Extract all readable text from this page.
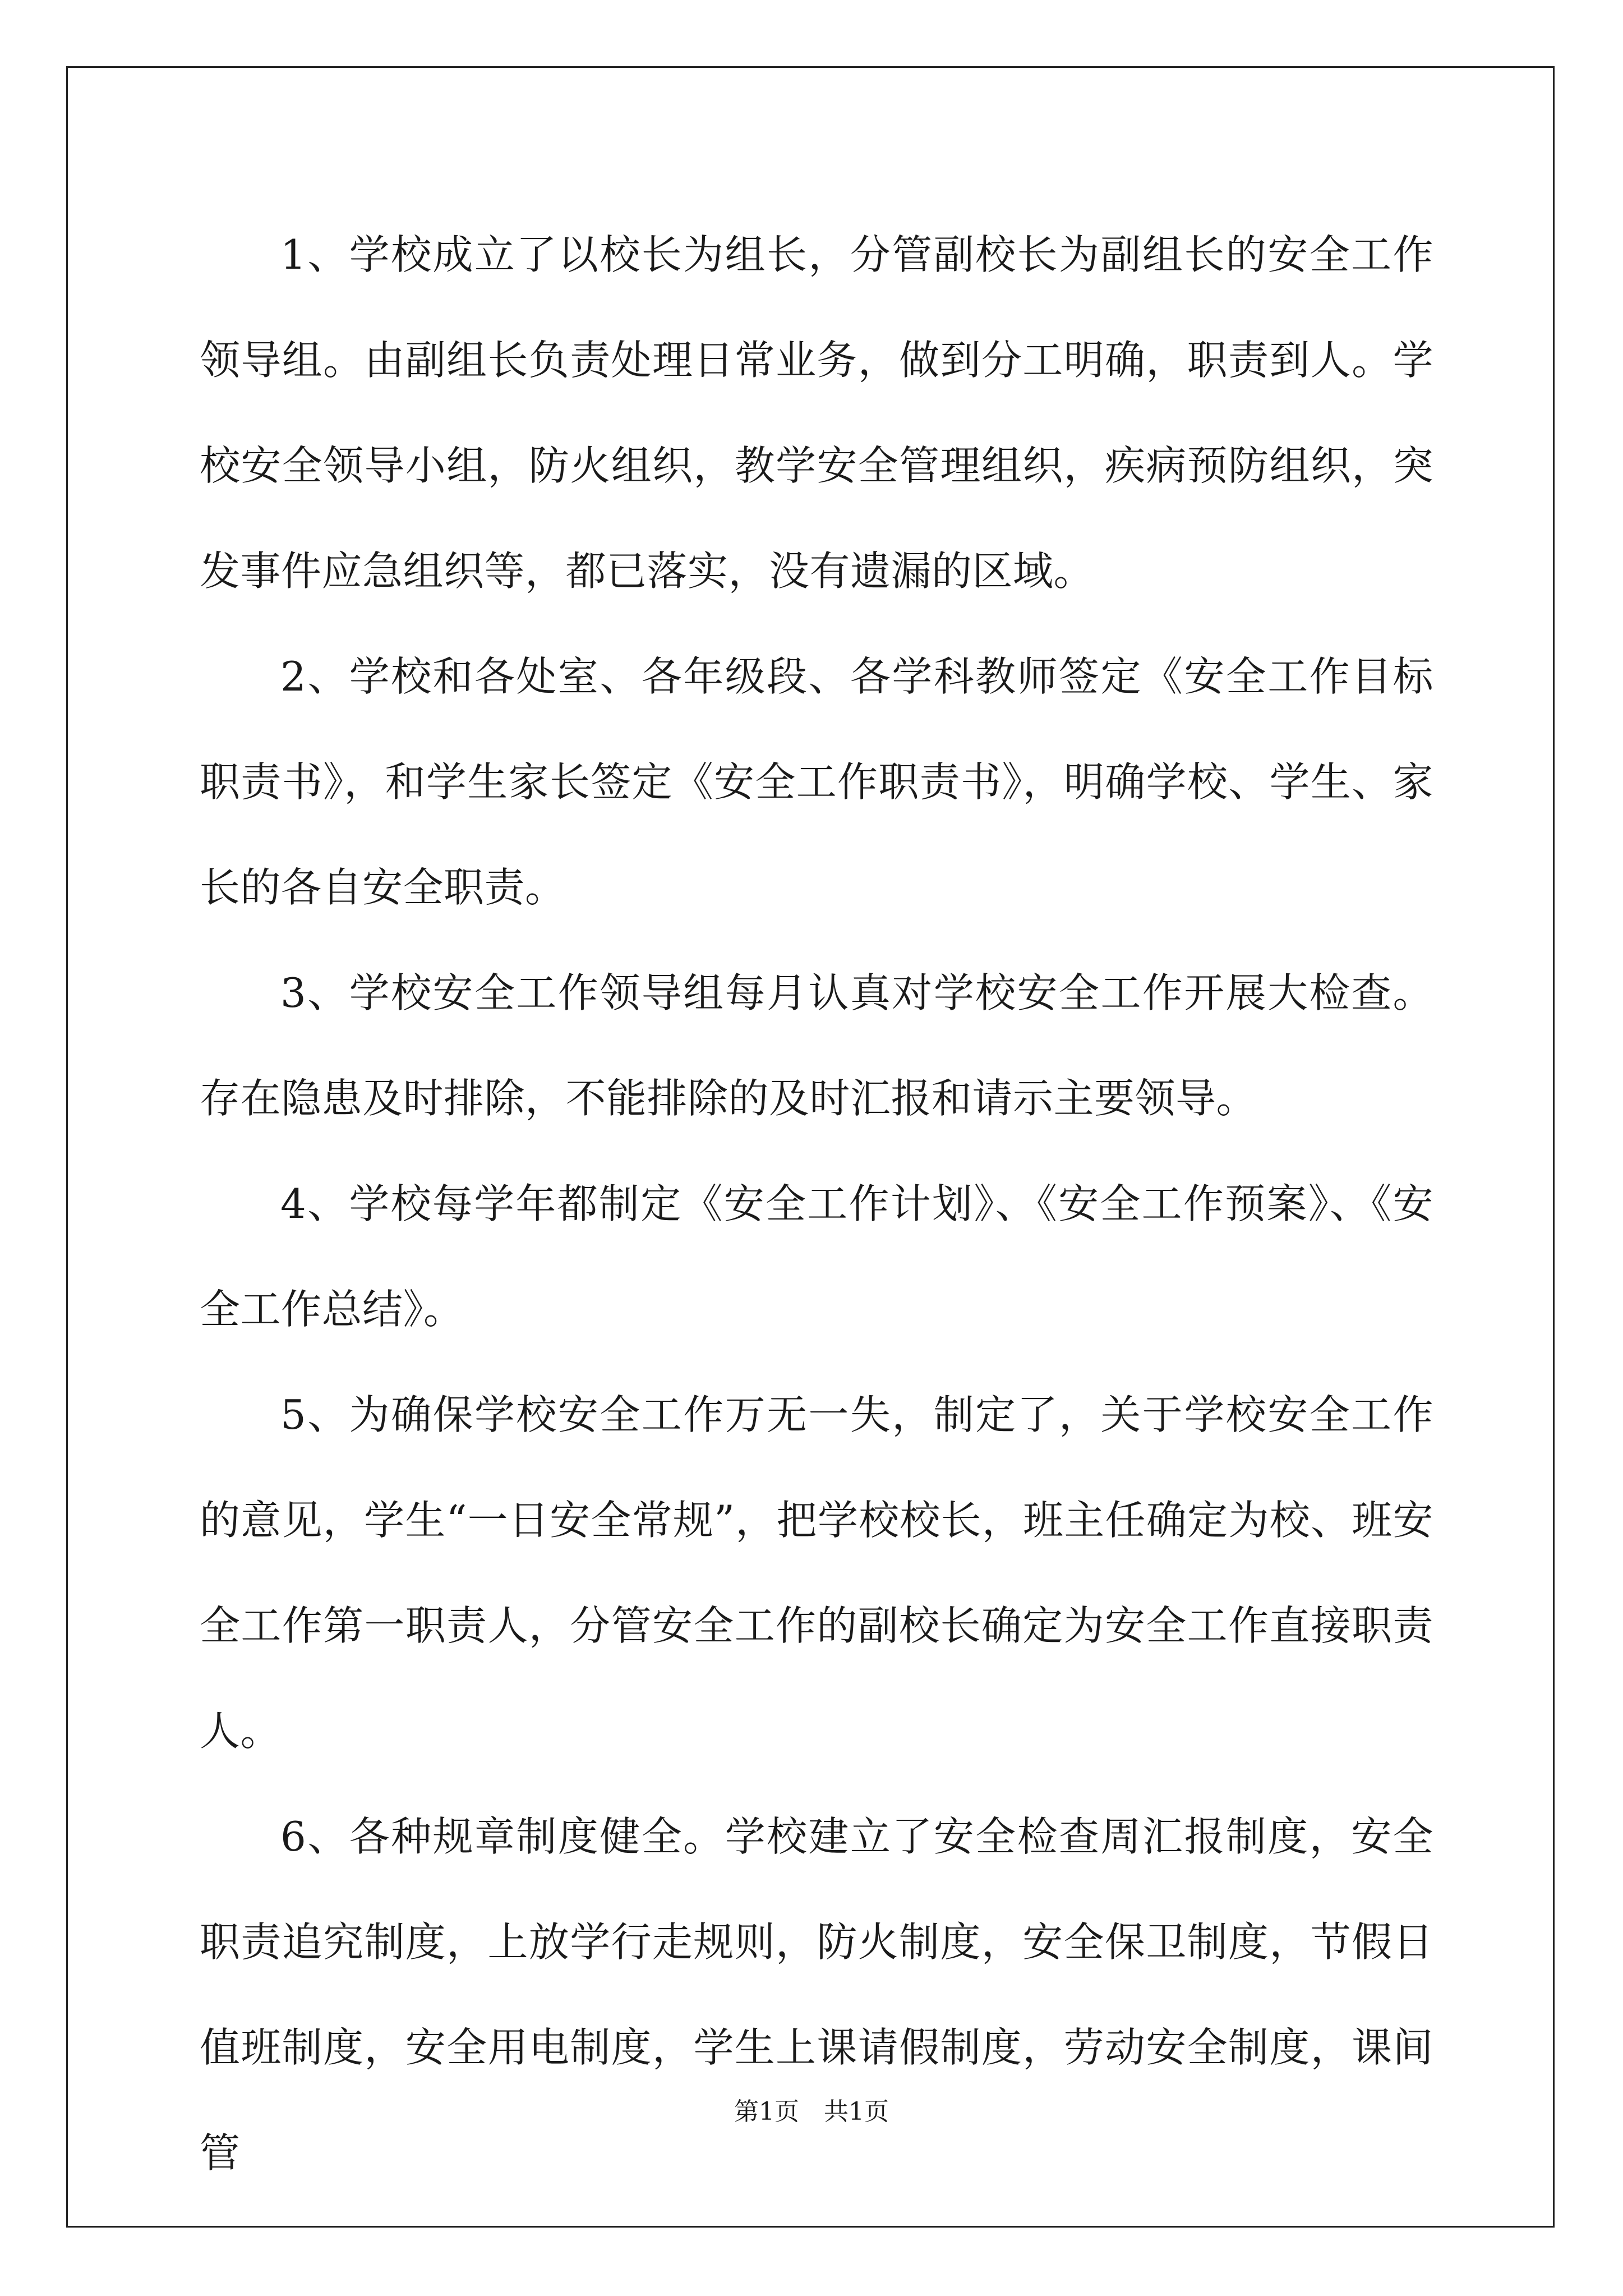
1、学校成立了以校长为组长，分管副校长为副组长的安全工作领导组。由副组长负责处理日常业务，做到分工明确，职责到人。学校安全领导小组，防火组织，教学安全管理组织，疾病预防组织，突发事件应急组织等，都已落实，没有遗漏的区域。

2、学校和各处室、各年级段、各学科教师签定《安全工作目标职责书》，和学生家长签定《安全工作职责书》，明确学校、学生、家长的各自安全职责。

3、学校安全工作领导组每月认真对学校安全工作开展大检查。存在隐患及时排除，不能排除的及时汇报和请示主要领导。

4、学校每学年都制定《安全工作计划》、《安全工作预案》、《安全工作总结》。

5、为确保学校安全工作万无一失，制定了，关于学校安全工作的意见，学生“一日安全常规”，把学校校长，班主任确定为校、班安全工作第一职责人，分管安全工作的副校长确定为安全工作直接职责人。

6、各种规章制度健全。学校建立了安全检查周汇报制度，安全职责追究制度，上放学行走规则，防火制度，安全保卫制度，节假日值班制度，安全用电制度，学生上课请假制度，劳动安全制度，课间管

第1页 共1页
